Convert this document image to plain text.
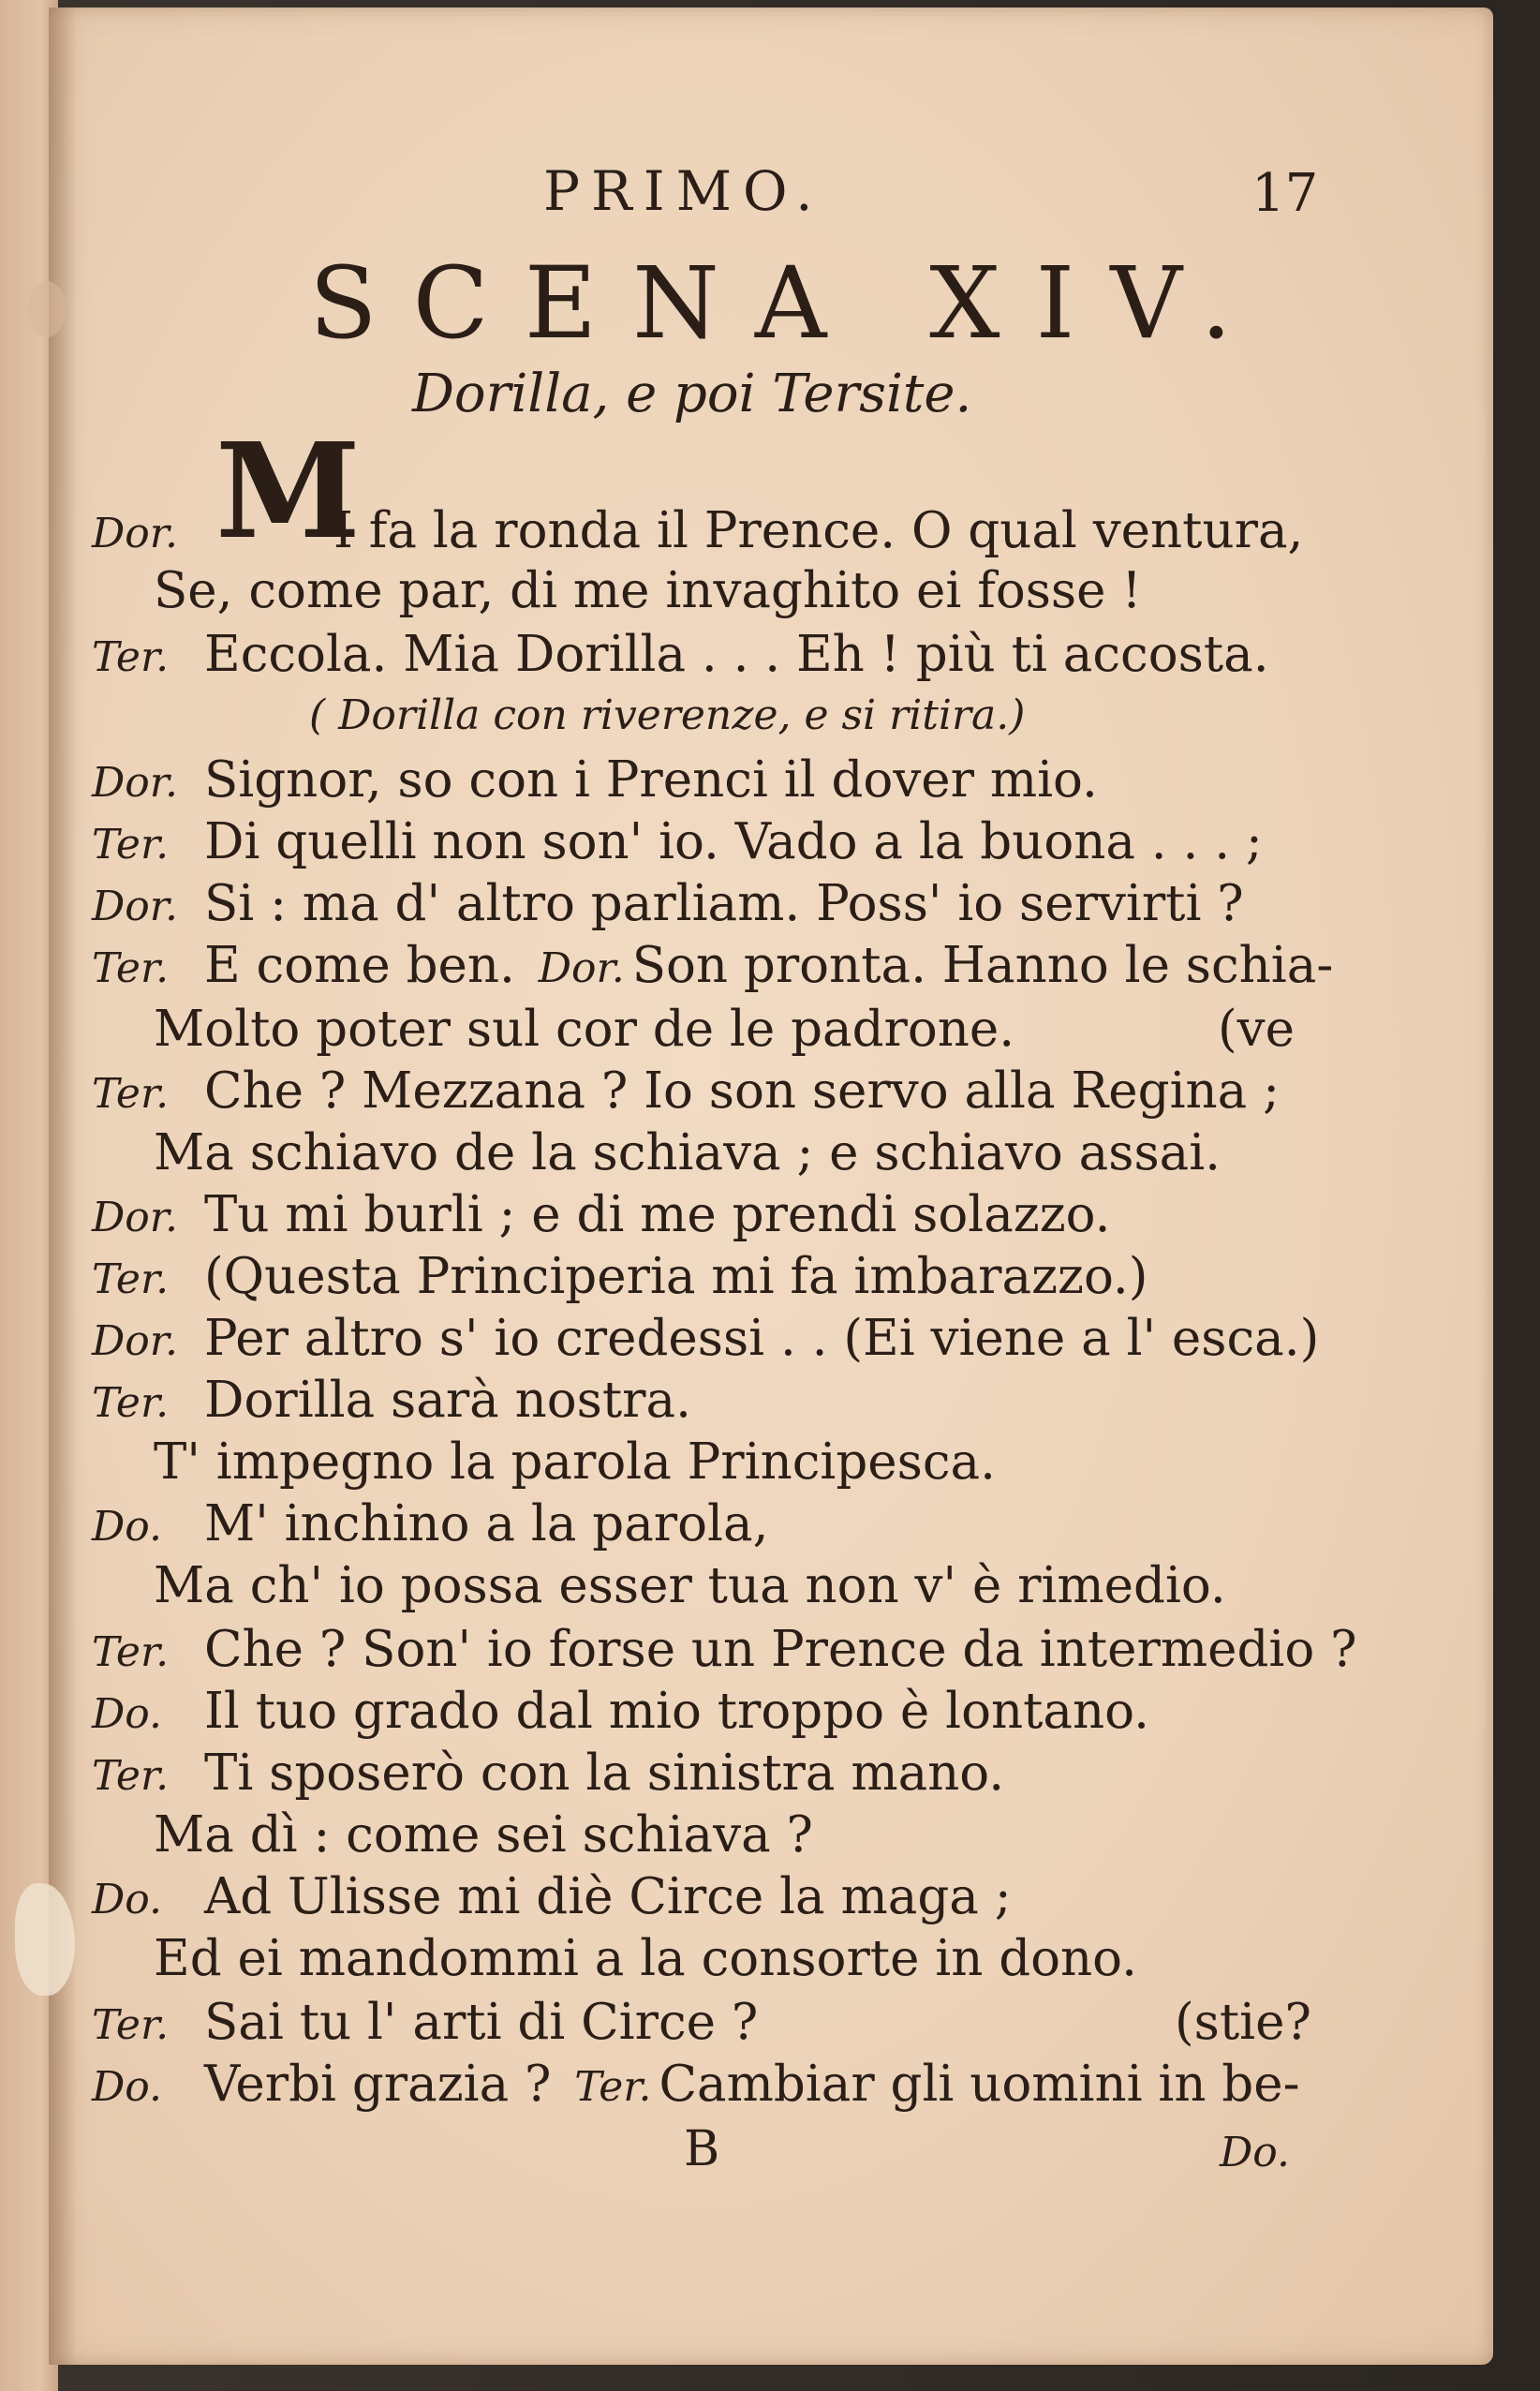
PRIMO.	17
SCENA XIV.
Dorilla, e poi Tersite.
M
Dor.	I fa la ronda il Prence. O qual ventura,
Se, come par, di me invaghito ei fosse !
Ter. Eccola. Mia Dorilla . . . Eh ! più ti accosta.
( Dorilla con riverenze, e si ritira.)
Dor. Signor, so con i Prenci il dover mio.
Ter. Di quelli non son' io. Vado a la buona . . . ;
Dor. Si : ma d' altro parliam. Poss' io servirti ?
Ter. E come ben. Dor. Son pronta. Hanno le schia-
Molto poter sul cor de le padrone.	(ve
Ter. Che ? Mezzana ? Io son servo alla Regina ;
Ma schiavo de la schiava ; e schiavo assai.
Dor. Tu mi burli ; e di me prendi solazzo.
Ter. (Questa Principeria mi fa imbarazzo.)
Dor. Per altro s' io credessi . . (Ei viene a l' esca.)
Ter. Dorilla sarà nostra.
T' impegno la parola Principesca.
Do. M' inchino a la parola,
Ma ch' io possa esser tua non v' è rimedio.
Ter. Che ? Son' io forse un Prence da intermedio ?
Do. Il tuo grado dal mio troppo è lontano.
Ter. Ti sposerò con la sinistra mano.
Ma dì : come sei schiava ?
Do. Ad Ulisse mi diè Circe la maga ;
Ed ei mandommi a la consorte in dono.
Ter. Sai tu l' arti di Circe ?	(stie?
Do. Verbi grazia ? Ter. Cambiar gli uomini in be-
B	Do.
